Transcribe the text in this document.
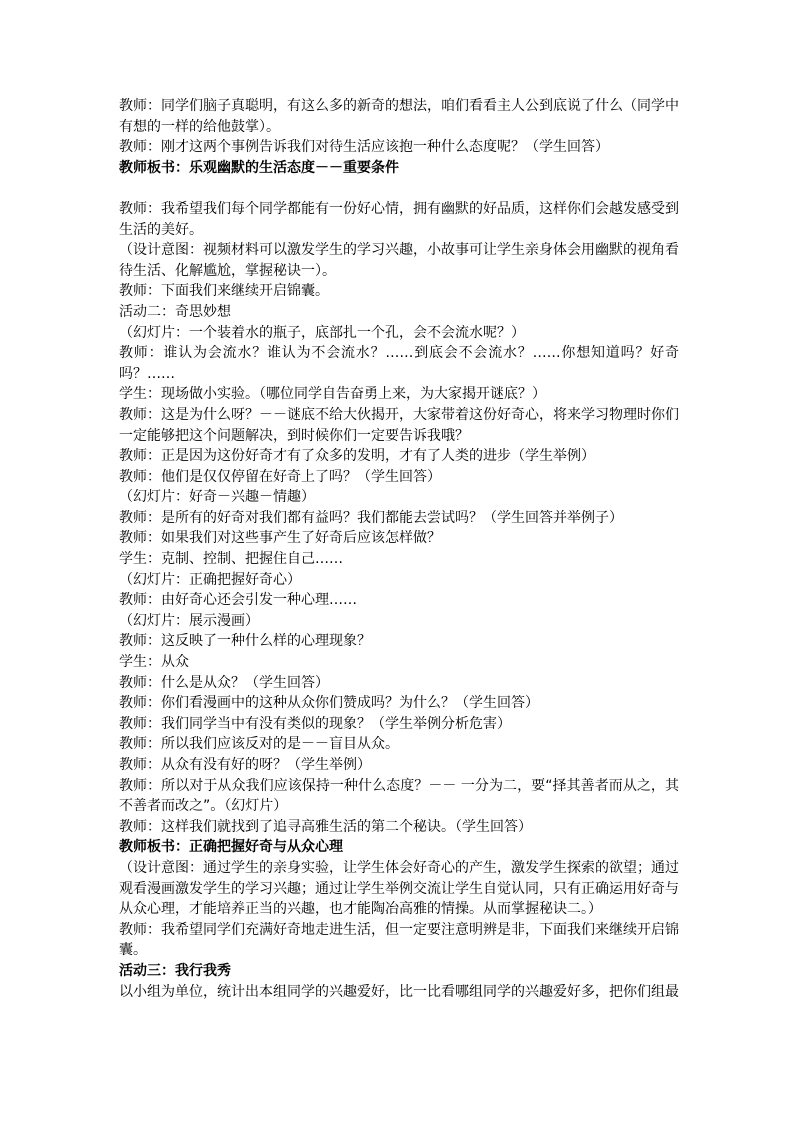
教师：同学们脑子真聪明，有这么多的新奇的想法，咱们看看主人公到底说了什么（同学中有想的一样的给他鼓掌）。

教师：刚才这两个事例告诉我们对待生活应该抱一种什么态度呢？（学生回答）

教师板书：乐观幽默的生活态度－－重要条件

教师：我希望我们每个同学都能有一份好心情，拥有幽默的好品质，这样你们会越发感受到生活的美好。

（设计意图：视频材料可以激发学生的学习兴趣，小故事可让学生亲身体会用幽默的视角看待生活、化解尴尬，掌握秘诀一）。

教师：下面我们来继续开启锦囊。

活动二：奇思妙想

（幻灯片：一个装着水的瓶子，底部扎一个孔，会不会流水呢？）

教师：谁认为会流水？谁认为不会流水？……到底会不会流水？……你想知道吗？好奇吗？……

学生：现场做小实验。（哪位同学自告奋勇上来，为大家揭开谜底？）

教师：这是为什么呀？－－谜底不给大伙揭开，大家带着这份好奇心，将来学习物理时你们一定能够把这个问题解决，到时候你们一定要告诉我哦？

教师：正是因为这份好奇才有了众多的发明，才有了人类的进步（学生举例）

教师：他们是仅仅停留在好奇上了吗？（学生回答）

（幻灯片：好奇－兴趣－情趣）

教师：是所有的好奇对我们都有益吗？我们都能去尝试吗？（学生回答并举例子）

教师：如果我们对这些事产生了好奇后应该怎样做？

学生：克制、控制、把握住自己……

（幻灯片：正确把握好奇心）

教师：由好奇心还会引发一种心理……

（幻灯片：展示漫画）

教师：这反映了一种什么样的心理现象？

学生：从众

教师：什么是从众？（学生回答）

教师：你们看漫画中的这种从众你们赞成吗？为什么？（学生回答）

教师：我们同学当中有没有类似的现象？（学生举例分析危害）

教师：所以我们应该反对的是－－盲目从众。

教师：从众有没有好的呀？（学生举例）

教师：所以对于从众我们应该保持一种什么态度？－－ 一分为二，要“择其善者而从之，其不善者而改之”。（幻灯片）

教师：这样我们就找到了追寻高雅生活的第二个秘诀。（学生回答）

教师板书：正确把握好奇与从众心理

（设计意图：通过学生的亲身实验，让学生体会好奇心的产生，激发学生探索的欲望；通过观看漫画激发学生的学习兴趣；通过让学生举例交流让学生自觉认同，只有正确运用好奇与从众心理，才能培养正当的兴趣，也才能陶冶高雅的情操。从而掌握秘诀二。）

教师：我希望同学们充满好奇地走进生活，但一定要注意明辨是非，下面我们来继续开启锦囊。

活动三：我行我秀

以小组为单位，统计出本组同学的兴趣爱好，比一比看哪组同学的兴趣爱好多，把你们组最
